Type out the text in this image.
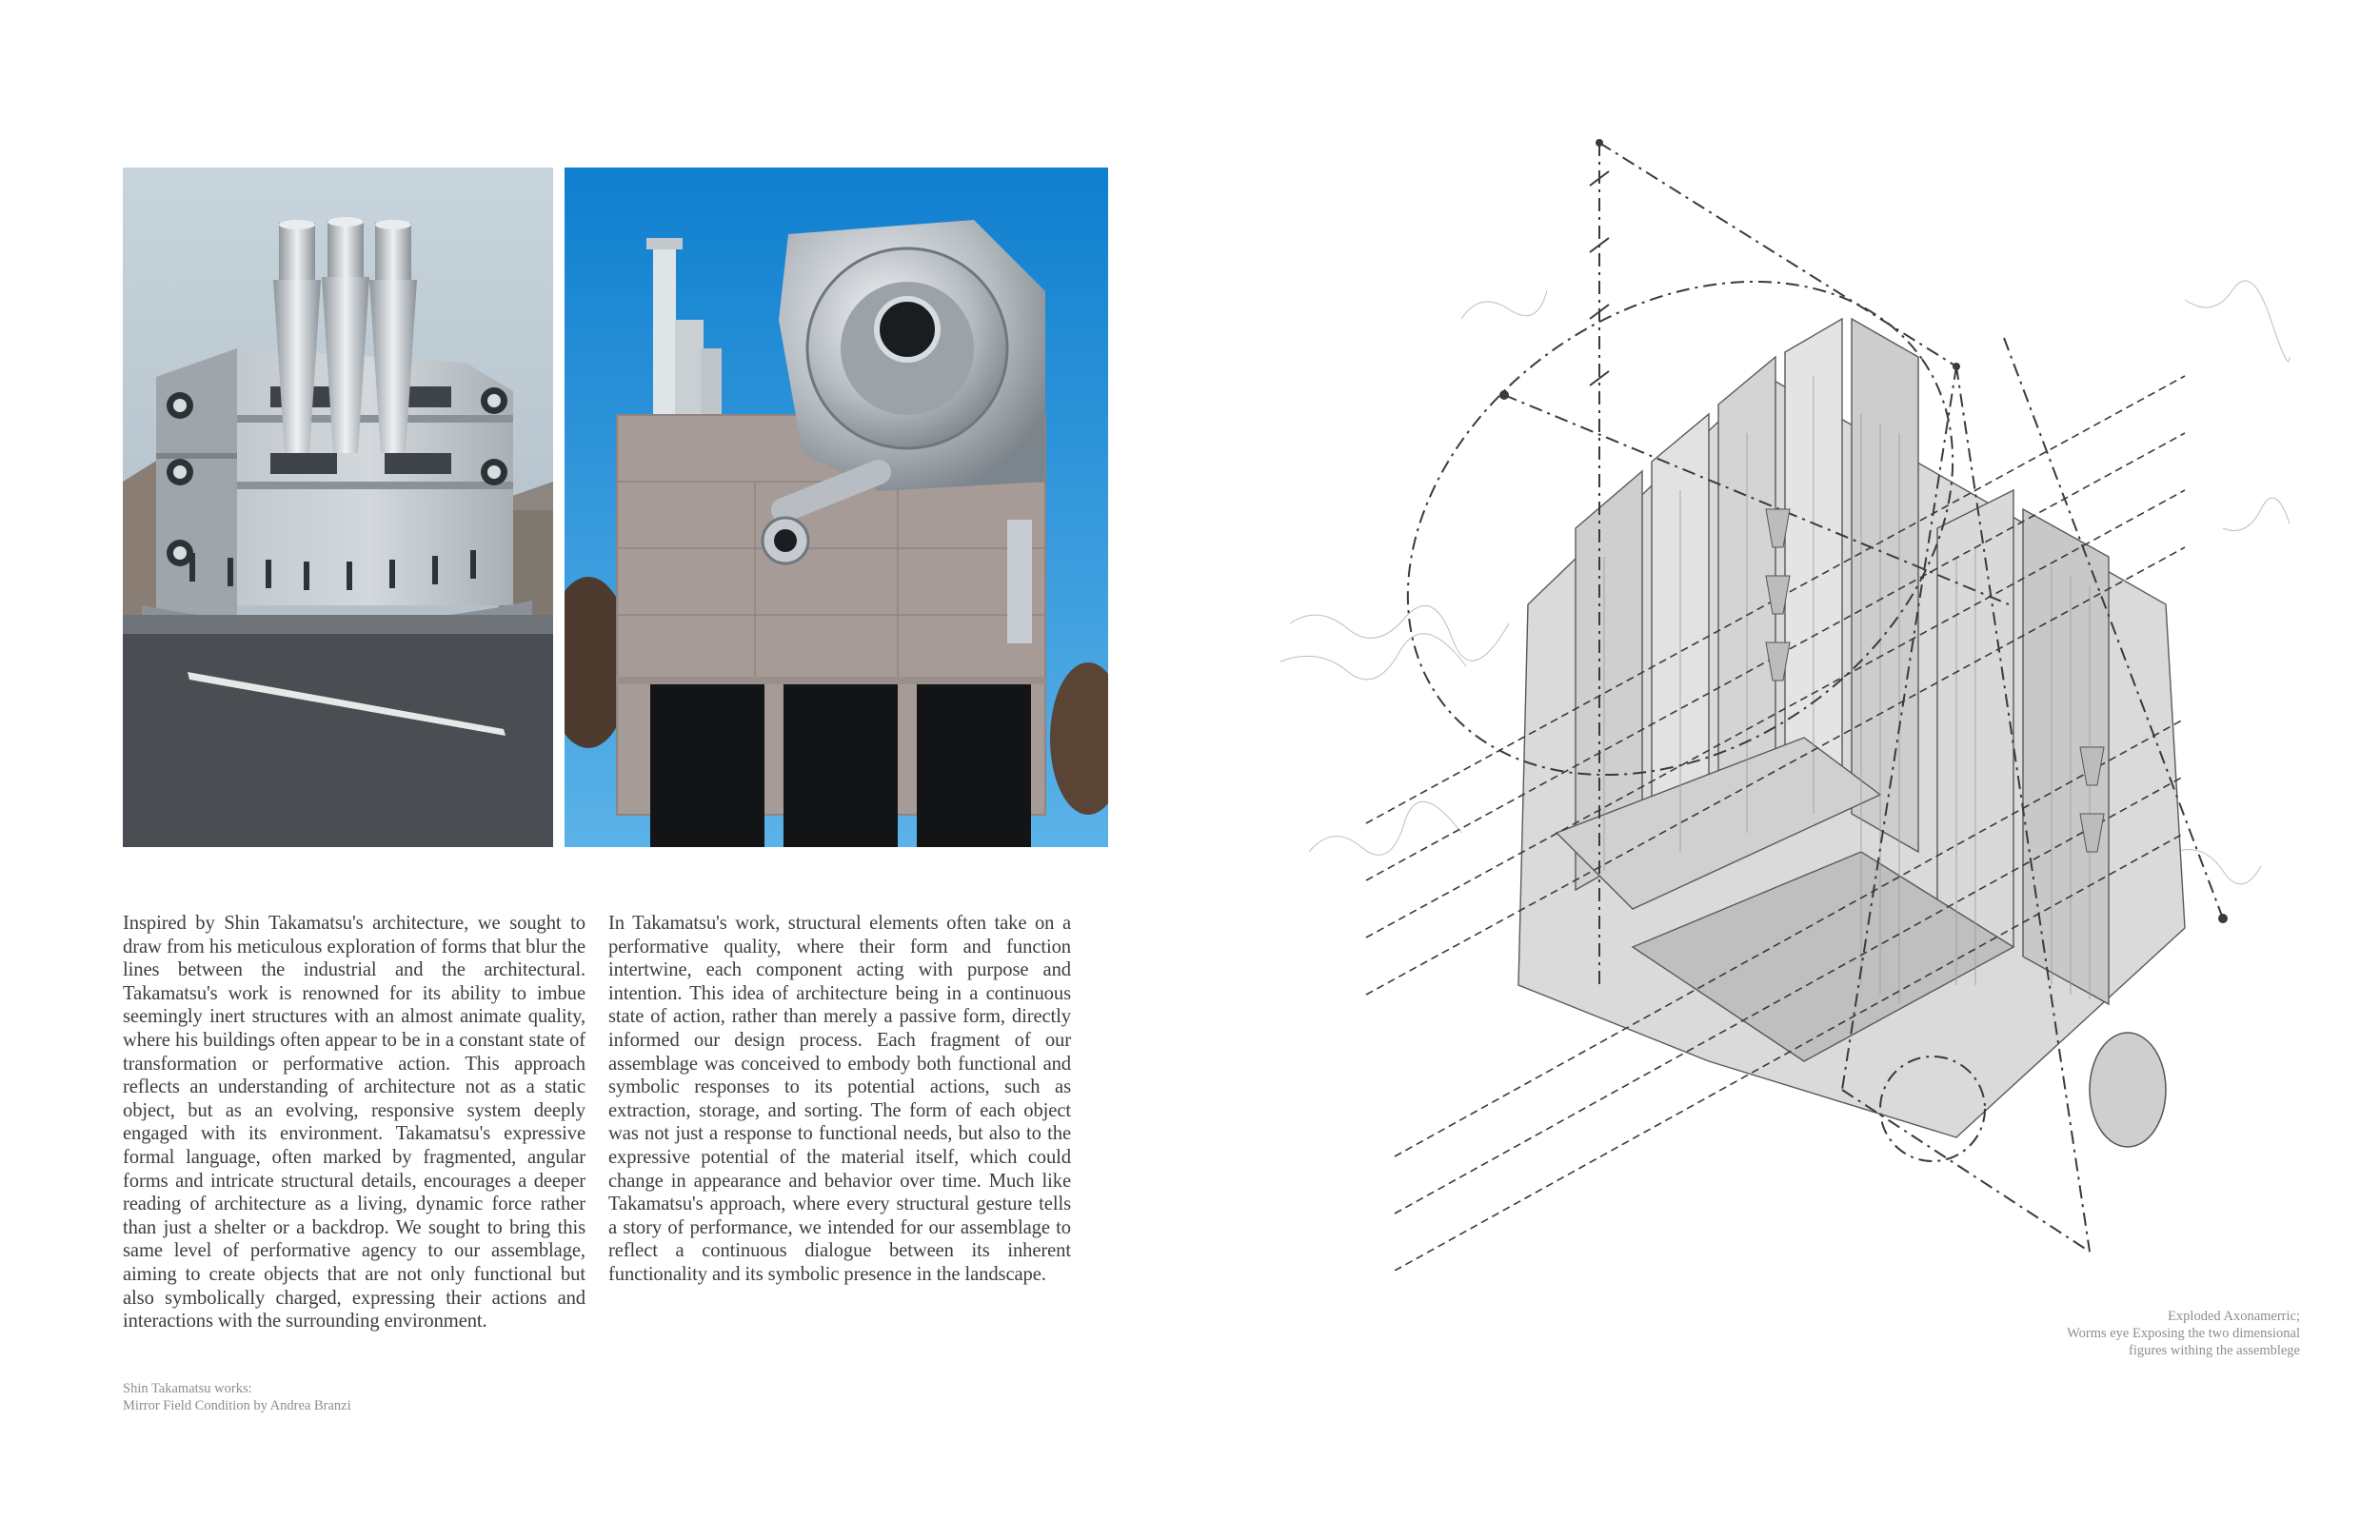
Inspired by Shin Takamatsu's architecture, we sought to draw from his meticulous exploration of forms that blur the lines between the industrial and the architectural. Takamatsu's work is renowned for its ability to imbue seemingly inert structures with an almost animate quality, where his buildings often appear to be in a constant state of transformation or performative action. This approach reflects an understanding of architecture not as a static object, but as an evolving, responsive system deeply engaged with its environment. Takamatsu's expressive formal language, often marked by fragmented, angular forms and intricate structural details, encourages a deeper reading of architecture as a living, dynamic force rather than just a shelter or a backdrop. We sought to bring this same level of performative agency to our assemblage, aiming to create objects that are not only functional but also symbolically charged, expressing their actions and interactions with the surrounding environment.

In Takamatsu's work, structural elements often take on a performative quality, where their form and function intertwine, each component acting with purpose and intention. This idea of architecture being in a continuous state of action, rather than merely a passive form, directly informed our design process. Each fragment of our assemblage was conceived to embody both functional and symbolic responses to its potential actions, such as extraction, storage, and sorting. The form of each object was not just a response to functional needs, but also to the expressive potential of the material itself, which could change in appearance and behavior over time. Much like Takamatsu's approach, where every structural gesture tells a story of performance, we intended for our assemblage to reflect a continuous dialogue between its inherent functionality and its symbolic presence in the landscape.

Shin Takamatsu works:
Mirror Field Condition by Andrea Branzi
Exploded Axonamerric;
Worms eye Exposing the two dimensional
figures withing the assemblege
